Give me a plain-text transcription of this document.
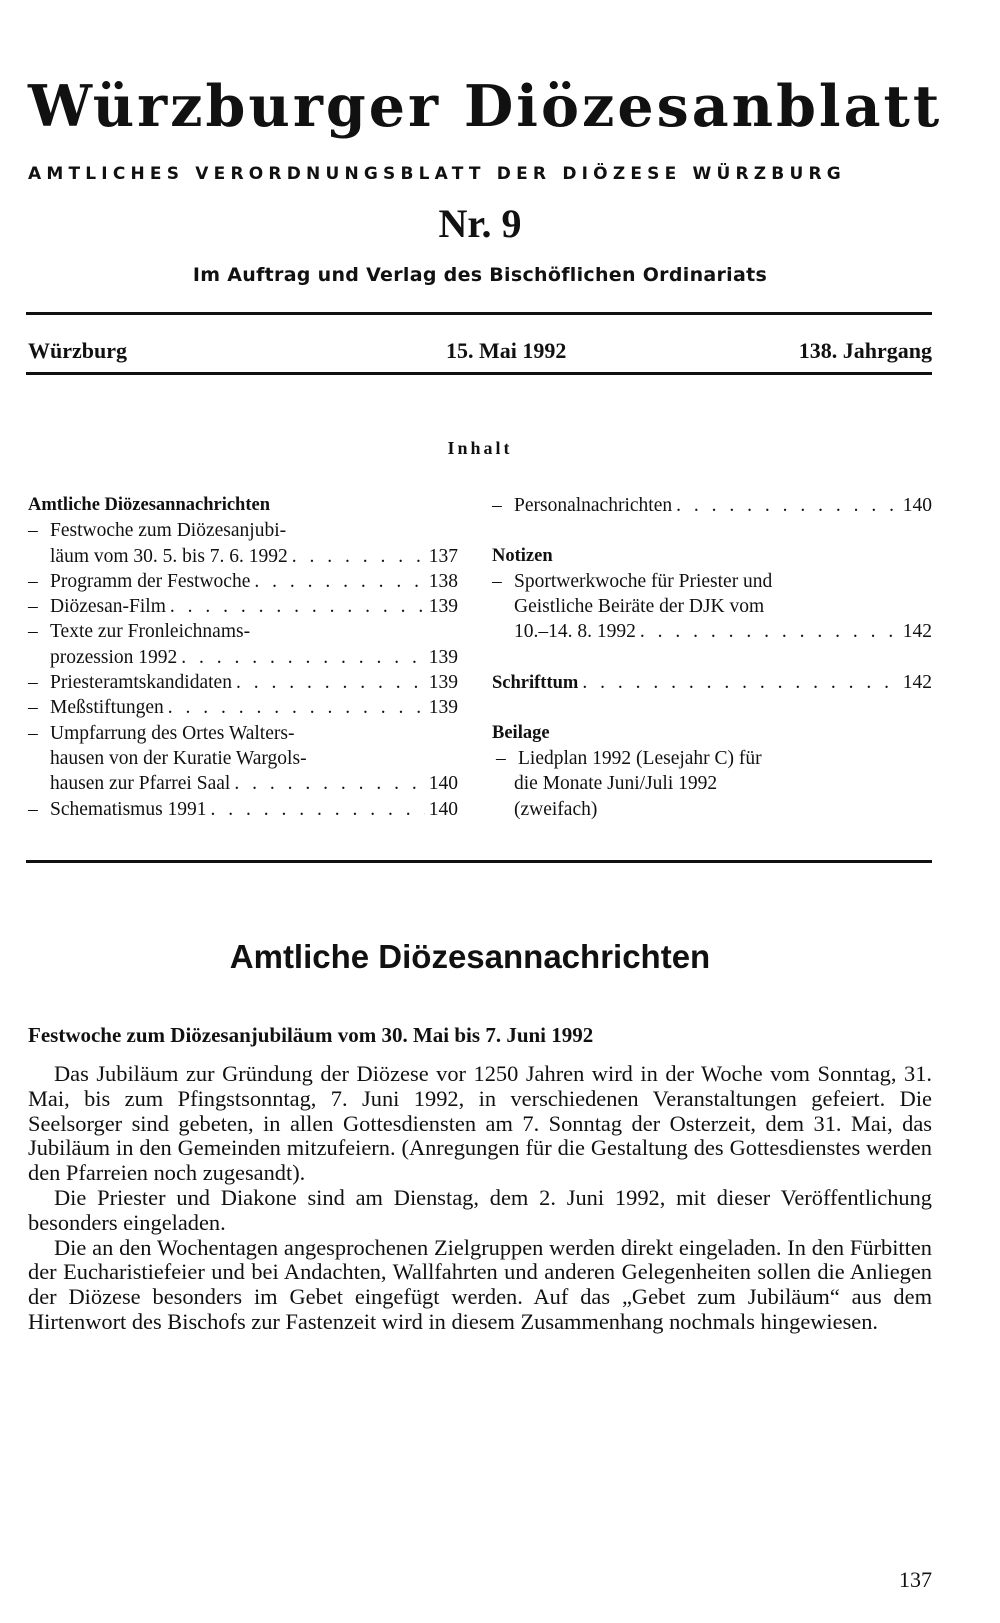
Würzburger Diözesanblatt
AMTLICHES VERORDNUNGSBLATT DER DIÖZESE WÜRZBURG
Nr. 9
Im Auftrag und Verlag des Bischöflichen Ordinariats
Würzburg	15. Mai 1992	138. Jahrgang
Inhalt
Amtliche Diözesannachrichten
– Festwoche zum Diözesanjubi-
läum vom 30. 5. bis 7. 6. 1992 . . .	137
– Programm der Festwoche . . .	138
– Diözesan-Film . . .	139
– Texte zur Fronleichnams-
prozession 1992 . . .	139
– Priesteramtskandidaten . . .	139
– Meßstiftungen . . .	139
– Umpfarrung des Ortes Walters-
hausen von der Kuratie Wargols-
hausen zur Pfarrei Saal . . .	140
– Schematismus 1991 . . .	140
– Personalnachrichten . . .	140
Notizen
– Sportwerkwoche für Priester und
Geistliche Beiräte der DJK vom
10.–14. 8. 1992 . . .	142
Schrifttum . . .	142
Beilage
– Liedplan 1992 (Lesejahr C) für
die Monate Juni/Juli 1992
(zweifach)
Amtliche Diözesannachrichten
Festwoche zum Diözesanjubiläum vom 30. Mai bis 7. Juni 1992

Das Jubiläum zur Gründung der Diözese vor 1250 Jahren wird in der Woche vom Sonntag, 31. Mai, bis zum Pfingstsonntag, 7. Juni 1992, in verschiedenen Veranstaltungen gefeiert. Die Seelsorger sind gebeten, in allen Gottesdiensten am 7. Sonntag der Osterzeit, dem 31. Mai, das Jubiläum in den Gemeinden mitzufeiern. (Anregungen für die Gestaltung des Gottesdienstes werden den Pfarreien noch zugesandt).

Die Priester und Diakone sind am Dienstag, dem 2. Juni 1992, mit dieser Veröffentlichung besonders eingeladen.

Die an den Wochentagen angesprochenen Zielgruppen werden direkt eingeladen. In den Fürbitten der Eucharistiefeier und bei Andachten, Wallfahrten und anderen Gelegenheiten sollen die Anliegen der Diözese besonders im Gebet eingefügt werden. Auf das „Gebet zum Jubiläum“ aus dem Hirtenwort des Bischofs zur Fastenzeit wird in diesem Zusammenhang nochmals hingewiesen.

137
